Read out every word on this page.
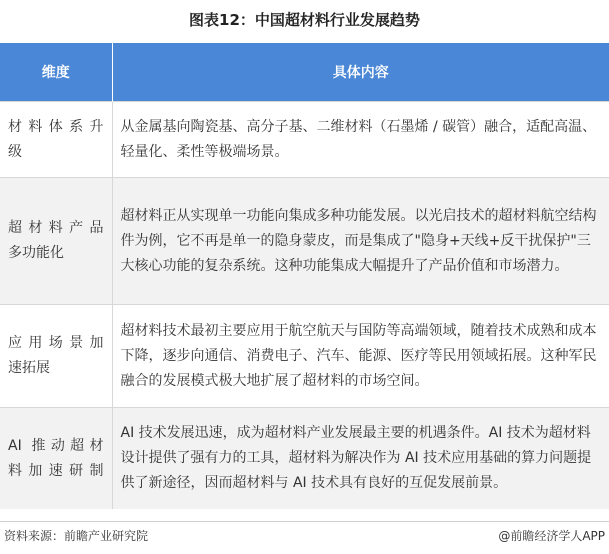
图表12：中国超材料行业发展趋势
维度	具体内容

材料体系升
级	从金属基向陶瓷基、高分子基、二维材料（石墨烯 / 碳管）融合，适配高温、轻量化、柔性等极端场景。

超材料产品
多功能化	超材料正从实现单一功能向集成多种功能发展。以光启技术的超材料航空结构件为例，它不再是单一的隐身蒙皮，而是集成了"隐身+天线+反干扰保护"三大核心功能的复杂系统。这种功能集成大幅提升了产品价值和市场潜力。

应用场景加
速拓展	超材料技术最初主要应用于航空航天与国防等高端领域，随着技术成熟和成本下降，逐步向通信、消费电子、汽车、能源、医疗等民用领域拓展。这种军民融合的发展模式极大地扩展了超材料的市场空间。

AI 推动超材
料加速研制	AI 技术发展迅速，成为超材料产业发展最主要的机遇条件。AI 技术为超材料设计提供了强有力的工具，超材料为解决作为 AI 技术应用基础的算力问题提供了新途径，因而超材料与 AI 技术具有良好的互促发展前景。
资料来源：前瞻产业研究院	@前瞻经济学人APP
